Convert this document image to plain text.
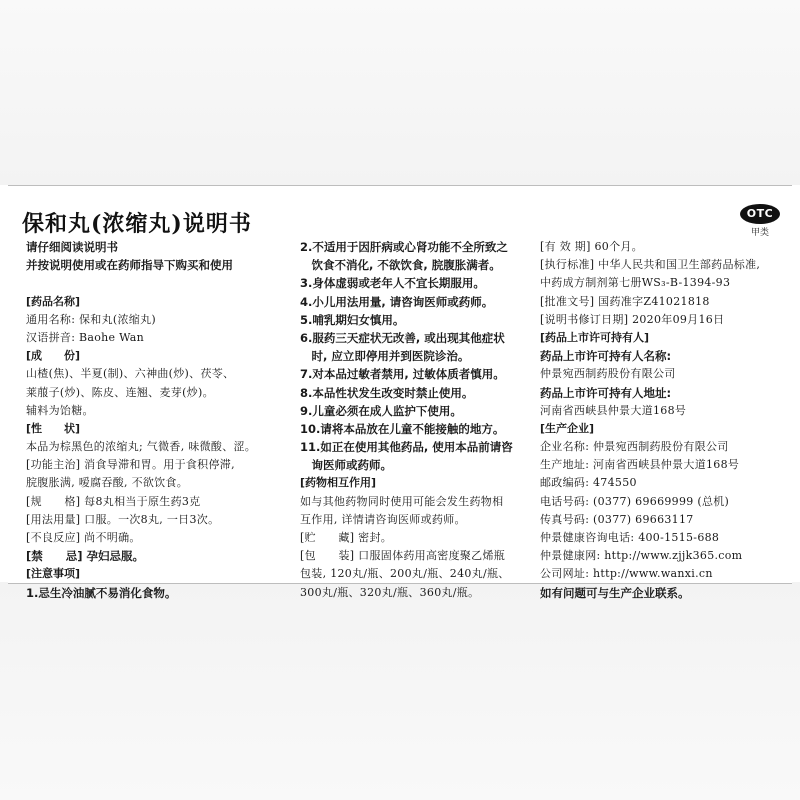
保和丸(浓缩丸)说明书	OTC
甲类
请仔细阅读说明书
并按说明使用或在药师指导下购买和使用
[药品名称]
通用名称: 保和丸(浓缩丸)
汉语拼音: Baohe Wan
[成　　份]
山楂(焦)、半夏(制)、六神曲(炒)、茯苓、
莱菔子(炒)、陈皮、连翘、麦芽(炒)。
辅料为饴糖。
[性　　状]
本品为棕黑色的浓缩丸; 气微香, 味微酸、涩。
[功能主治] 消食导滞和胃。用于食积停滞,
脘腹胀满, 嗳腐吞酸, 不欲饮食。
[规　　格] 每8丸相当于原生药3克
[用法用量] 口服。一次8丸, 一日3次。
[不良反应] 尚不明确。
[禁　　忌] 孕妇忌服。
[注意事项]
1.忌生冷油腻不易消化食物。
2.不适用于因肝病或心肾功能不全所致之
　饮食不消化, 不欲饮食, 脘腹胀满者。
3.身体虚弱或老年人不宜长期服用。
4.小儿用法用量, 请咨询医师或药师。
5.哺乳期妇女慎用。
6.服药三天症状无改善, 或出现其他症状
　时, 应立即停用并到医院诊治。
7.对本品过敏者禁用, 过敏体质者慎用。
8.本品性状发生改变时禁止使用。
9.儿童必须在成人监护下使用。
10.请将本品放在儿童不能接触的地方。
11.如正在使用其他药品, 使用本品前请咨
　询医师或药师。
[药物相互作用]
如与其他药物同时使用可能会发生药物相
互作用, 详情请咨询医师或药师。
[贮　　藏] 密封。
[包　　装] 口服固体药用高密度聚乙烯瓶
包装, 120丸/瓶、200丸/瓶、240丸/瓶、
300丸/瓶、320丸/瓶、360丸/瓶。
[有 效 期] 60个月。
[执行标准] 中华人民共和国卫生部药品标准,
中药成方制剂第七册WS₃-B-1394-93
[批准文号] 国药准字Z41021818
[说明书修订日期] 2020年09月16日
[药品上市许可持有人]
药品上市许可持有人名称:
仲景宛西制药股份有限公司
药品上市许可持有人地址:
河南省西峡县仲景大道168号
[生产企业]
企业名称: 仲景宛西制药股份有限公司
生产地址: 河南省西峡县仲景大道168号
邮政编码: 474550
电话号码: (0377) 69669999 (总机)
传真号码: (0377) 69663117
仲景健康咨询电话: 400-1515-688
仲景健康网: http://www.zjjk365.com
公司网址: http://www.wanxi.cn
如有问题可与生产企业联系。
